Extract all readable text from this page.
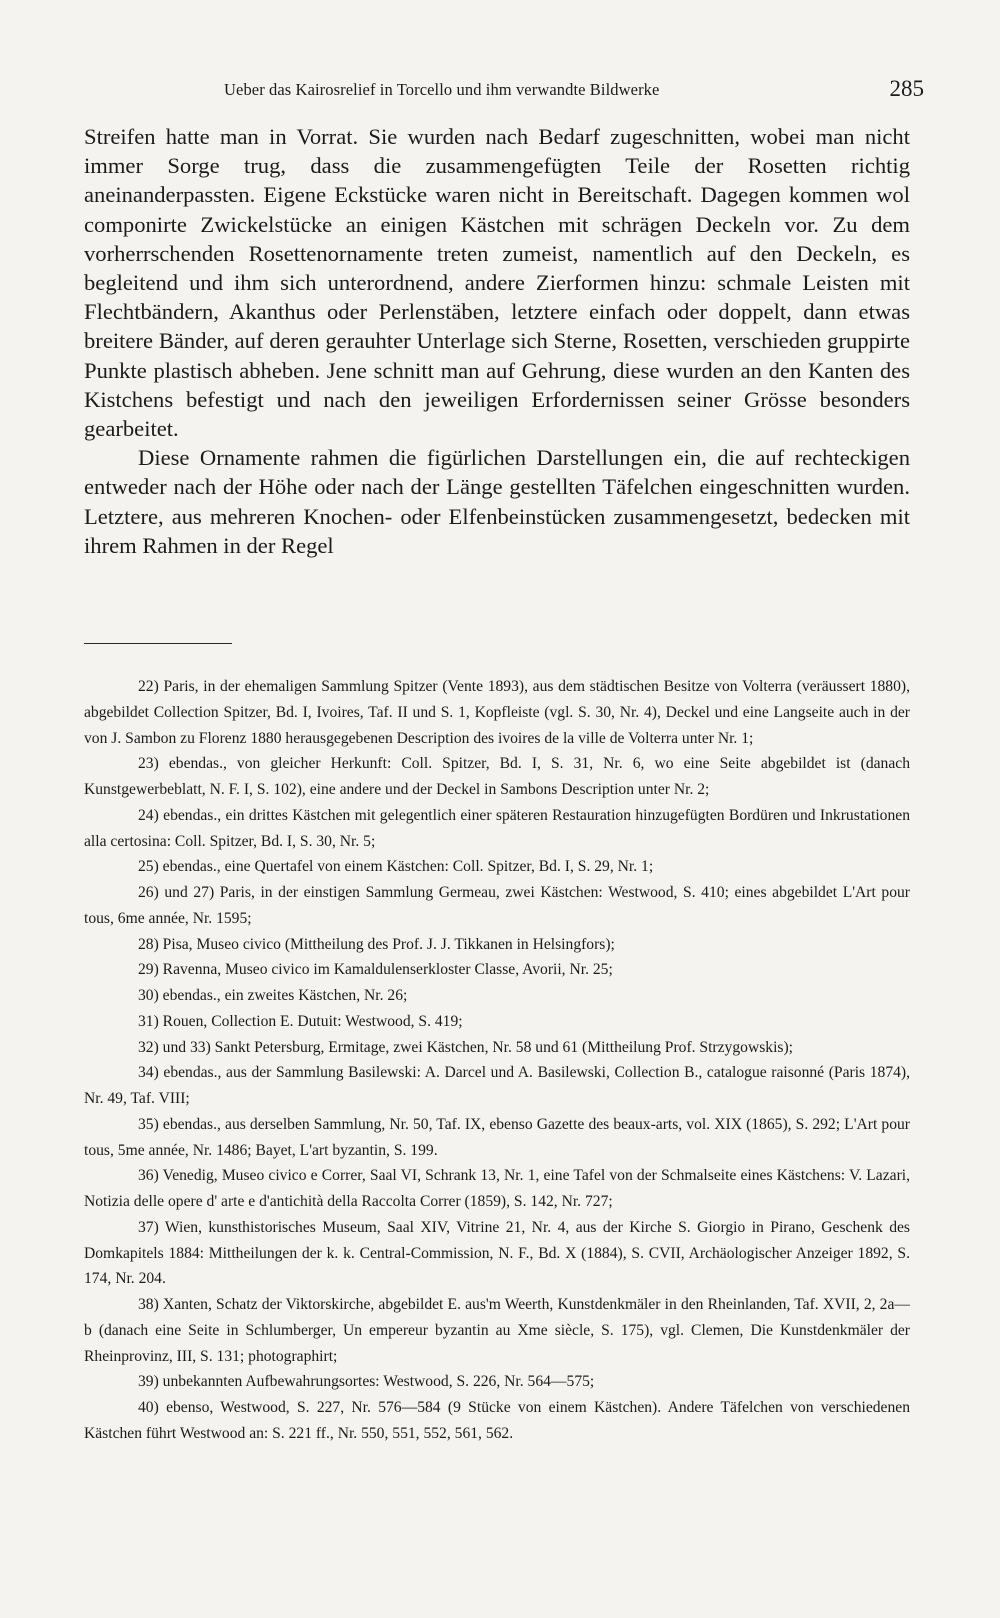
Ueber das Kairosrelief in Torcello und ihm verwandte Bildwerke	285

Streifen hatte man in Vorrat. Sie wurden nach Bedarf zugeschnitten, wobei man nicht immer Sorge trug, dass die zusammengefügten Teile der Rosetten richtig aneinanderpassten. Eigene Eckstücke waren nicht in Bereitschaft. Dagegen kommen wol componirte Zwickelstücke an einigen Kästchen mit schrägen Deckeln vor. Zu dem vorherrschenden Rosettenornamente treten zumeist, namentlich auf den Deckeln, es begleitend und ihm sich unterordnend, andere Zierformen hinzu: schmale Leisten mit Flechtbändern, Akanthus oder Perlenstäben, letztere einfach oder doppelt, dann etwas breitere Bänder, auf deren gerauhter Unterlage sich Sterne, Rosetten, verschieden gruppirte Punkte plastisch abheben. Jene schnitt man auf Gehrung, diese wurden an den Kanten des Kistchens befestigt und nach den jeweiligen Erfordernissen seiner Grösse besonders gearbeitet.

Diese Ornamente rahmen die figürlichen Darstellungen ein, die auf rechteckigen entweder nach der Höhe oder nach der Länge gestellten Täfelchen eingeschnitten wurden. Letztere, aus mehreren Knochen- oder Elfenbeinstücken zusammengesetzt, bedecken mit ihrem Rahmen in der Regel

22) Paris, in der ehemaligen Sammlung Spitzer (Vente 1893), aus dem städtischen Besitze von Volterra (veräussert 1880), abgebildet Collection Spitzer, Bd. I, Ivoires, Taf. II und S. 1, Kopfleiste (vgl. S. 30, Nr. 4), Deckel und eine Langseite auch in der von J. Sambon zu Florenz 1880 herausgegebenen Description des ivoires de la ville de Volterra unter Nr. 1;

23) ebendas., von gleicher Herkunft: Coll. Spitzer, Bd. I, S. 31, Nr. 6, wo eine Seite abgebildet ist (danach Kunstgewerbeblatt, N. F. I, S. 102), eine andere und der Deckel in Sambons Description unter Nr. 2;

24) ebendas., ein drittes Kästchen mit gelegentlich einer späteren Restauration hinzugefügten Bordüren und Inkrustationen alla certosina: Coll. Spitzer, Bd. I, S. 30, Nr. 5;

25) ebendas., eine Quertafel von einem Kästchen: Coll. Spitzer, Bd. I, S. 29, Nr. 1;

26) und 27) Paris, in der einstigen Sammlung Germeau, zwei Kästchen: Westwood, S. 410; eines abgebildet L'Art pour tous, 6me année, Nr. 1595;

28) Pisa, Museo civico (Mittheilung des Prof. J. J. Tikkanen in Helsingfors);

29) Ravenna, Museo civico im Kamaldulenserkloster Classe, Avorii, Nr. 25;

30) ebendas., ein zweites Kästchen, Nr. 26;

31) Rouen, Collection E. Dutuit: Westwood, S. 419;

32) und 33) Sankt Petersburg, Ermitage, zwei Kästchen, Nr. 58 und 61 (Mittheilung Prof. Strzygowskis);

34) ebendas., aus der Sammlung Basilewski: A. Darcel und A. Basilewski, Collection B., catalogue raisonné (Paris 1874), Nr. 49, Taf. VIII;

35) ebendas., aus derselben Sammlung, Nr. 50, Taf. IX, ebenso Gazette des beaux-arts, vol. XIX (1865), S. 292; L'Art pour tous, 5me année, Nr. 1486; Bayet, L'art byzantin, S. 199.

36) Venedig, Museo civico e Correr, Saal VI, Schrank 13, Nr. 1, eine Tafel von der Schmalseite eines Kästchens: V. Lazari, Notizia delle opere d' arte e d'antichità della Raccolta Correr (1859), S. 142, Nr. 727;

37) Wien, kunsthistorisches Museum, Saal XIV, Vitrine 21, Nr. 4, aus der Kirche S. Giorgio in Pirano, Geschenk des Domkapitels 1884: Mittheilungen der k. k. Central-Commission, N. F., Bd. X (1884), S. CVII, Archäologischer Anzeiger 1892, S. 174, Nr. 204.

38) Xanten, Schatz der Viktorskirche, abgebildet E. aus'm Weerth, Kunstdenkmäler in den Rheinlanden, Taf. XVII, 2, 2a—b (danach eine Seite in Schlumberger, Un empereur byzantin au Xme siècle, S. 175), vgl. Clemen, Die Kunstdenkmäler der Rheinprovinz, III, S. 131; photographirt;

39) unbekannten Aufbewahrungsortes: Westwood, S. 226, Nr. 564—575;

40) ebenso, Westwood, S. 227, Nr. 576—584 (9 Stücke von einem Kästchen). Andere Täfelchen von verschiedenen Kästchen führt Westwood an: S. 221 ff., Nr. 550, 551, 552, 561, 562.
